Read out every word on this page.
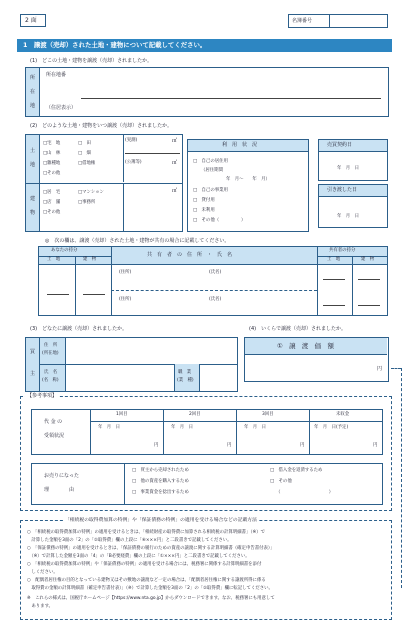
2 面	名簿番号
1　譲渡（売却）された土地・建物について記載してください。
(1)　どこの土地・建物を譲渡（売却）されましたか。
所
在
地
所在地番
（住居表示）
(2)　どのような土地・建物をいつ譲渡（売却）されましたか。
土
地
建
物
□宅　地	□　田
□山　林	□　畑
□雑種地	□借地権
□その他
(実測)	㎡
(公簿等)	㎡
□居　宅	□マンション
□店　舗	□事務所
□その他
㎡
利　用　状　況
□　自己の居住用
（居住期間
年　月～　　年　月）
□　自己の事業用
□　貸付用
□　未利用
□　その他（　　　　　）
売買契約日
年　月　日
引き渡した日
年　月　日
◎　次の欄は、譲渡（売却）された土地・建物が共有の場合に記載してください。
あなたの持分
土　地	建　物
共　有　者　の　住　所　・　氏　名
共有者の持分
土　地	建　物
(住所)	(氏名)
(住所)	(氏名)
(3)　どなたに譲渡（売却）されましたか。	(4)　いくらで譲渡（売却）されましたか。
買
主
住　所
(所在地)
氏　名
(名　称)
職　業
(業　種)
①　譲　渡　価　額
円
【参考事項】
代 金 の
受領状況
1回目	2回目	3回目	未収金
年　月　日	年　月　日	年　月　日	年　月　日(予定)
円	円	円	円
お売りになった
理　　　　由
□　買主から売却されたため
□　他の資産を購入するため
□　事業資金を捻出するため
□　借入金を返済するため
□　その他
（　　　　　　　　　　　）
「相続税の取得費加算の特例」や「保証債務の特例」の適用を受ける場合などの記載方法
○　「相続税の取得費加算の特例」の適用を受けるときは、「相続財産の取得費に加算される相続税の計算明細書」（※）で
　計算した金額を3面の「2」の「②取得費」欄の上段に「⑥×××円」と二段書きで記載してください。
○　「保証債務の特例」の適用を受けるときは、「保証債務の履行のための資産の譲渡に関する計算明細書（確定申告書付表）」
　（※）で計算した金額を3面の「4」の「B必要経費」欄の上段に「①×××円」と二段書きで記載してください。
○　「相続税の取得費加算の特例」や「保証債務の特例」の適用を受ける場合には、税務署に関係する計算明細書を添付
　しください。
○　配偶者居住権の目的となっている建物又はその敷地の譲渡など一定の場合は、「配偶者居住権に関する譲渡所得に係る
　取得費の金額の計算明細書（確定申告書付表）」（※）で計算した金額を3面の「2」の「②取得費」欄に転記してください。
※　これらの様式は、国税庁ホームページ【https://www.nta.go.jp】からダウンロードできます。なお、税務署にも用意して
　あります。
